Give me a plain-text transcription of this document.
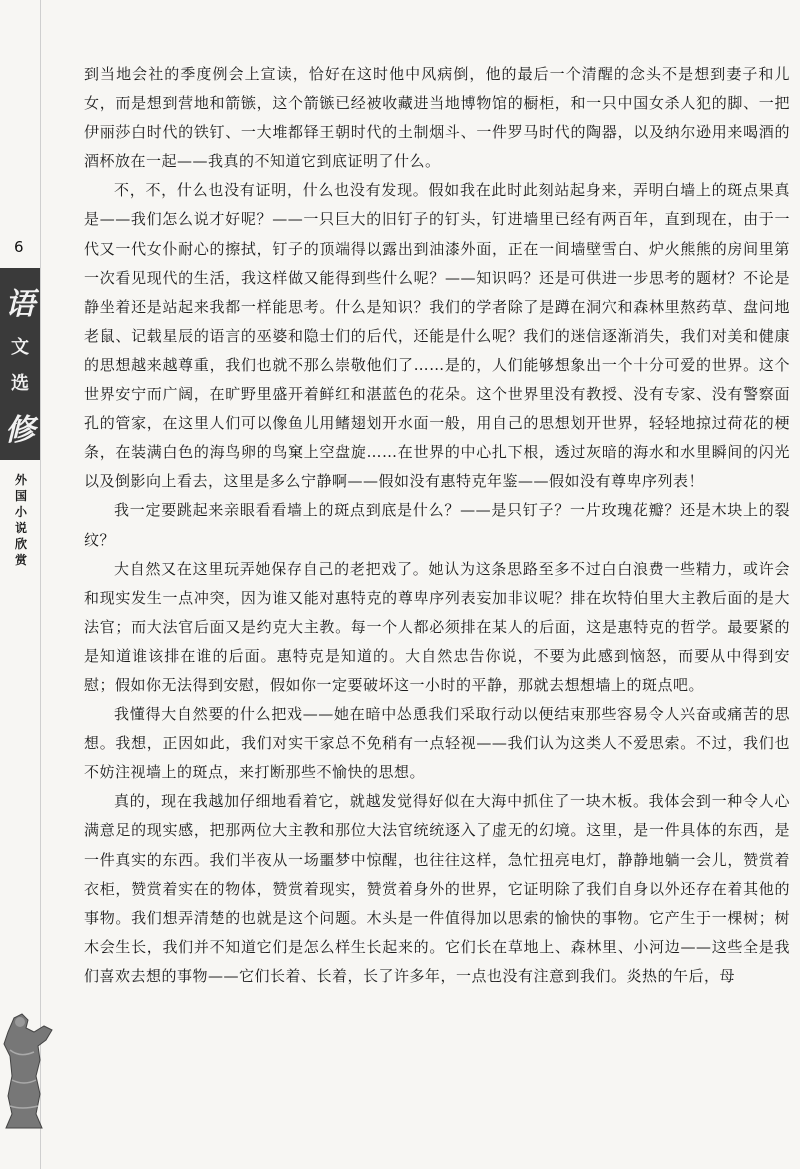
6
语
文
选
修
外
国
小
说
欣
赏

到当地会社的季度例会上宣读，恰好在这时他中风病倒，他的最后一个清醒的念头不是想到妻子和儿女，而是想到营地和箭镞，这个箭镞已经被收藏进当地博物馆的橱柜，和一只中国女杀人犯的脚、一把伊丽莎白时代的铁钉、一大堆都铎王朝时代的土制烟斗、一件罗马时代的陶器，以及纳尔逊用来喝酒的酒杯放在一起——我真的不知道它到底证明了什么。

不，不，什么也没有证明，什么也没有发现。假如我在此时此刻站起身来，弄明白墙上的斑点果真是——我们怎么说才好呢？——一只巨大的旧钉子的钉头，钉进墙里已经有两百年，直到现在，由于一代又一代女仆耐心的擦拭，钉子的顶端得以露出到油漆外面，正在一间墙壁雪白、炉火熊熊的房间里第一次看见现代的生活，我这样做又能得到些什么呢？——知识吗？还是可供进一步思考的题材？不论是静坐着还是站起来我都一样能思考。什么是知识？我们的学者除了是蹲在洞穴和森林里熬药草、盘问地老鼠、记载星辰的语言的巫婆和隐士们的后代，还能是什么呢？我们的迷信逐渐消失，我们对美和健康的思想越来越尊重，我们也就不那么崇敬他们了……是的，人们能够想象出一个十分可爱的世界。这个世界安宁而广阔，在旷野里盛开着鲜红和湛蓝色的花朵。这个世界里没有教授、没有专家、没有警察面孔的管家，在这里人们可以像鱼儿用鳍翅划开水面一般，用自己的思想划开世界，轻轻地掠过荷花的梗条，在装满白色的海鸟卵的鸟窠上空盘旋……在世界的中心扎下根，透过灰暗的海水和水里瞬间的闪光以及倒影向上看去，这里是多么宁静啊——假如没有惠特克年鉴——假如没有尊卑序列表！

我一定要跳起来亲眼看看墙上的斑点到底是什么？——是只钉子？一片玫瑰花瓣？还是木块上的裂纹？

大自然又在这里玩弄她保存自己的老把戏了。她认为这条思路至多不过白白浪费一些精力，或许会和现实发生一点冲突，因为谁又能对惠特克的尊卑序列表妄加非议呢？排在坎特伯里大主教后面的是大法官；而大法官后面又是约克大主教。每一个人都必须排在某人的后面，这是惠特克的哲学。最要紧的是知道谁该排在谁的后面。惠特克是知道的。大自然忠告你说，不要为此感到恼怒，而要从中得到安慰；假如你无法得到安慰，假如你一定要破坏这一小时的平静，那就去想想墙上的斑点吧。

我懂得大自然要的什么把戏——她在暗中怂恿我们采取行动以便结束那些容易令人兴奋或痛苦的思想。我想，正因如此，我们对实干家总不免稍有一点轻视——我们认为这类人不爱思索。不过，我们也不妨注视墙上的斑点，来打断那些不愉快的思想。

真的，现在我越加仔细地看着它，就越发觉得好似在大海中抓住了一块木板。我体会到一种令人心满意足的现实感，把那两位大主教和那位大法官统统逐入了虚无的幻境。这里，是一件具体的东西，是一件真实的东西。我们半夜从一场噩梦中惊醒，也往往这样，急忙扭亮电灯，静静地躺一会儿，赞赏着衣柜，赞赏着实在的物体，赞赏着现实，赞赏着身外的世界，它证明除了我们自身以外还存在着其他的事物。我们想弄清楚的也就是这个问题。木头是一件值得加以思索的愉快的事物。它产生于一棵树；树木会生长，我们并不知道它们是怎么样生长起来的。它们长在草地上、森林里、小河边——这些全是我们喜欢去想的事物——它们长着、长着，长了许多年，一点也没有注意到我们。炎热的午后，母
